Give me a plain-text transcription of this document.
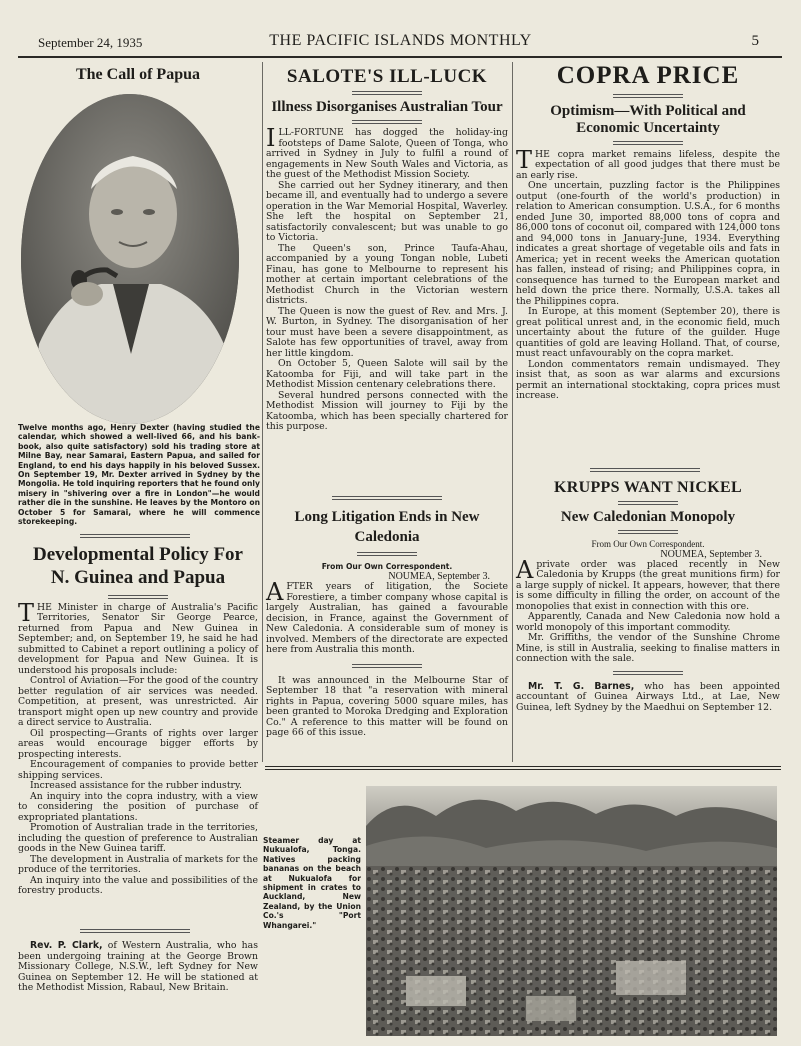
September 24, 1935	THE PACIFIC ISLANDS MONTHLY	5
The Call of Papua

Twelve months ago, Henry Dexter (having studied the calendar, which showed a well-lived 66, and his bank-book, also quite satisfactory) sold his trading store at Milne Bay, near Samarai, Eastern Papua, and sailed for England, to end his days happily in his beloved Sussex. On September 19, Mr. Dexter arrived in Sydney by the Mongolia. He told inquiring reporters that he found only misery in "shivering over a fire in London"—he would rather die in the sunshine. He leaves by the Montoro on October 5 for Samarai, where he will commence storekeeping.

Developmental Policy For
N. Guinea and Papua

THE Minister in charge of Australia's Pacific Territories, Senator Sir George Pearce, returned from Papua and New Guinea in September; and, on September 19, he said he had submitted to Cabinet a report outlining a policy of development for Papua and New Guinea. It is understood his proposals include:

Control of Aviation—For the good of the country better regulation of air services was needed. Competition, at present, was unrestricted. Air transport might open up new country and provide a direct service to Australia.

Oil prospecting—Grants of rights over larger areas would encourage bigger efforts by prospecting interests.

Encouragement of companies to provide better shipping services.

Increased assistance for the rubber industry.

An inquiry into the copra industry, with a view to considering the position of purchase of expropriated plantations.

Promotion of Australian trade in the territories, including the question of preference to Australian goods in the New Guinea tariff.

The development in Australia of markets for the produce of the territories.

An inquiry into the value and possibilities of the forestry products.

Rev. P. Clark, of Western Australia, who has been undergoing training at the George Brown Missionary College, N.S.W., left Sydney for New Guinea on September 12. He will be stationed at the Methodist Mission, Rabaul, New Britain.

SALOTE'S ILL-LUCK
Illness Disorganises Australian Tour

ILL-FORTUNE has dogged the holiday-ing footsteps of Dame Salote, Queen of Tonga, who arrived in Sydney in July to fulfil a round of engagements in New South Wales and Victoria, as the guest of the Methodist Mission Society.

She carried out her Sydney itinerary, and then became ill, and eventually had to undergo a severe operation in the War Memorial Hospital, Waverley. She left the hospital on September 21, satisfactorily convalescent; but was unable to go to Victoria.

The Queen's son, Prince Taufa-Ahau, accompanied by a young Tongan noble, Lubeti Finau, has gone to Melbourne to represent his mother at certain important celebrations of the Methodist Church in the Victorian western districts.

The Queen is now the guest of Rev. and Mrs. J. W. Burton, in Sydney. The disorganisation of her tour must have been a severe disappointment, as Salote has few opportunities of travel, away from her little kingdom.

On October 5, Queen Salote will sail by the Katoomba for Fiji, and will take part in the Methodist Mission centenary celebrations there.

Several hundred persons connected with the Methodist Mission will journey to Fiji by the Katoomba, which has been specially chartered for this purpose.

Long Litigation Ends in New
Caledonia

From Our Own Correspondent.

NOUMEA, September 3.

AFTER years of litigation, the Societe Forestiere, a timber company whose capital is largely Australian, has gained a favourable decision, in France, against the Government of New Caledonia. A considerable sum of money is involved. Members of the directorate are expected here from Australia this month.

It was announced in the Melbourne Star of September 18 that "a reservation with mineral rights in Papua, covering 5000 square miles, has been granted to Moroka Dredging and Exploration Co." A reference to this matter will be found on page 66 of this issue.

COPRA PRICE
Optimism—With Political and
Economic Uncertainty

THE copra market remains lifeless, despite the expectation of all good judges that there must be an early rise.

One uncertain, puzzling factor is the Philippines output (one-fourth of the world's production) in relation to American consumption. U.S.A., for 6 months ended June 30, imported 88,000 tons of copra and 86,000 tons of coconut oil, compared with 124,000 tons and 94,000 tons in January-June, 1934. Everything indicates a great shortage of vegetable oils and fats in America; yet in recent weeks the American quotation has fallen, instead of rising; and Philippines copra, in consequence has turned to the European market and held down the price there. Normally, U.S.A. takes all the Philippines copra.

In Europe, at this moment (September 20), there is great political unrest and, in the economic field, much uncertainty about the future of the guilder. Huge quantities of gold are leaving Holland. That, of course, must react unfavourably on the copra market.

London commentators remain undismayed. They insist that, as soon as war alarms and excursions permit an international stocktaking, copra prices must increase.

KRUPPS WANT NICKEL
New Caledonian Monopoly

From Our Own Correspondent.

NOUMEA, September 3.

Aprivate order was placed recently in New Caledonia by Krupps (the great munitions firm) for a large supply of nickel. It appears, however, that there is some difficulty in filling the order, on account of the monopolies that exist in connection with this ore.

Apparently, Canada and New Caledonia now hold a world monopoly of this important commodity.

Mr. Griffiths, the vendor of the Sunshine Chrome Mine, is still in Australia, seeking to finalise matters in connection with the sale.

Mr. T. G. Barnes, who has been appointed accountant of Guinea Airways Ltd., at Lae, New Guinea, left Sydney by the Maedhui on September 12.

Steamer day at Nukualofa, Tonga. Natives packing bananas on the beach at Nukualofa for shipment in crates to Auckland, New Zealand, by the Union Co.'s "Port Whangarei."
